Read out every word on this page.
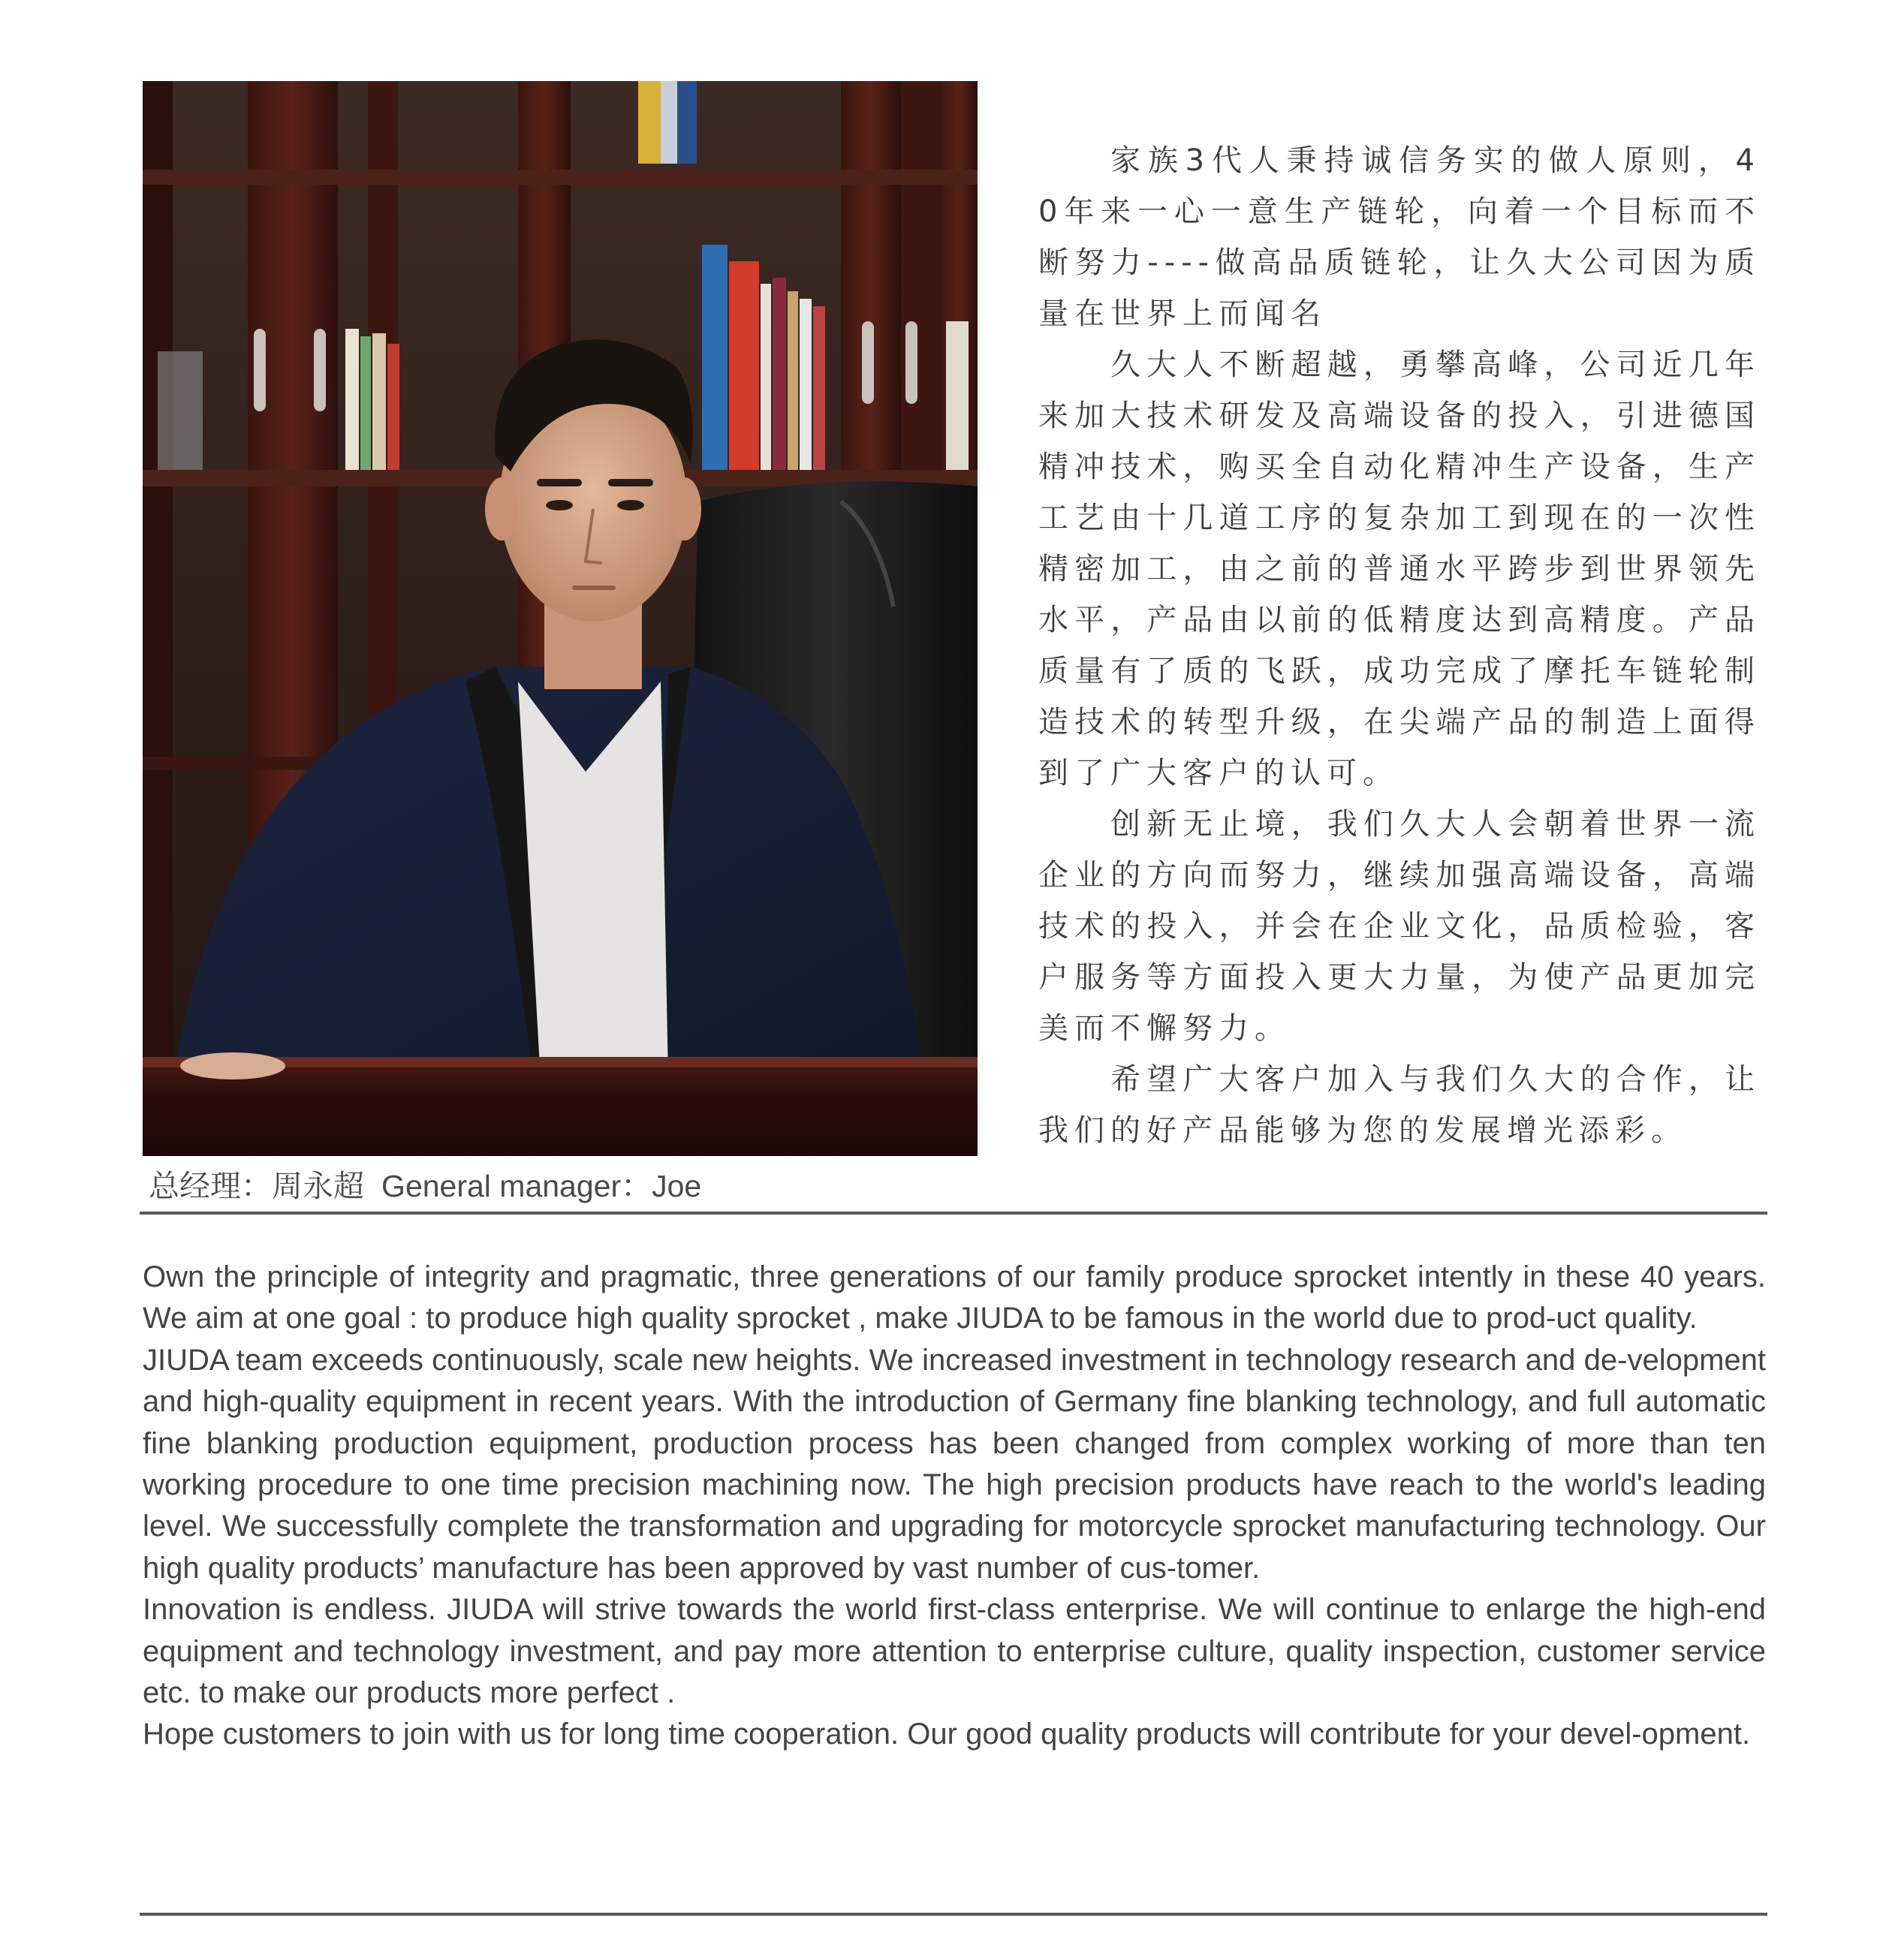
总经理：周永超 General manager：Joe

家族3代人秉持诚信务实的做人原则，40年来一心一意生产链轮，向着一个目标而不断努力----做高品质链轮，让久大公司因为质量在世界上而闻名

久大人不断超越，勇攀高峰，公司近几年来加大技术研发及高端设备的投入，引进德国精冲技术，购买全自动化精冲生产设备，生产工艺由十几道工序的复杂加工到现在的一次性精密加工，由之前的普通水平跨步到世界领先水平，产品由以前的低精度达到高精度。产品质量有了质的飞跃，成功完成了摩托车链轮制造技术的转型升级，在尖端产品的制造上面得到了广大客户的认可。

创新无止境，我们久大人会朝着世界一流企业的方向而努力，继续加强高端设备，高端技术的投入，并会在企业文化，品质检验，客户服务等方面投入更大力量，为使产品更加完美而不懈努力。

希望广大客户加入与我们久大的合作，让我们的好产品能够为您的发展增光添彩。

Own the principle of integrity and pragmatic, three generations of our family produce sprocket intently in these 40 years. We aim at one goal : to produce high quality sprocket , make JIUDA to be famous in the world due to prod-uct quality.

JIUDA team exceeds continuously, scale new heights. We increased investment in technology research and de-velopment and high-quality equipment in recent years. With the introduction of Germany fine blanking technology, and full automatic fine blanking production equipment, production process has been changed from complex working of more than ten working procedure to one time precision machining now. The high precision products have reach to the world's leading level. We successfully complete the transformation and upgrading for motorcycle sprocket manufacturing technology. Our high quality products’ manufacture has been approved by vast number of cus-tomer.

Innovation is endless. JIUDA will strive towards the world first-class enterprise. We will continue to enlarge the high-end equipment and technology investment, and pay more attention to enterprise culture, quality inspection, customer service etc. to make our products more perfect .

Hope customers to join with us for long time cooperation. Our good quality products will contribute for your devel-opment.
